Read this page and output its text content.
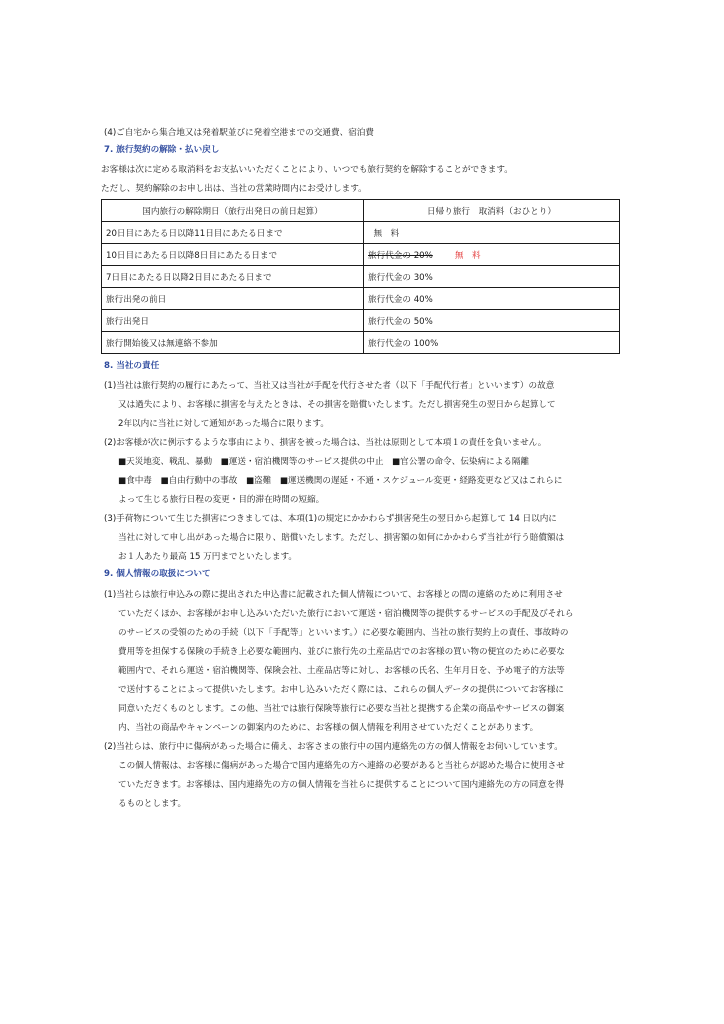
(4)ご自宅から集合地又は発着駅並びに発着空港までの交通費、宿泊費
7. 旅行契約の解除・払い戻し
お客様は次に定める取消料をお支払いいただくことにより、いつでも旅行契約を解除することができます。
ただし、契約解除のお申し出は、当社の営業時間内にお受けします。
国内旅行の解除期日（旅行出発日の前日起算）	日帰り旅行　取消料（おひとり）
20日目にあたる日以降11日目にあたる日まで	無　料
10日目にあたる日以降8日目にあたる日まで	旅行代金の 20% 無　料
7日目にあたる日以降2日目にあたる日まで	旅行代金の 30%
旅行出発の前日	旅行代金の 40%
旅行出発日	旅行代金の 50%
旅行開始後又は無連絡不参加	旅行代金の 100%
8. 当社の責任
(1)当社は旅行契約の履行にあたって、当社又は当社が手配を代行させた者（以下「手配代行者」といいます）の故意
又は過失により、お客様に損害を与えたときは、その損害を賠償いたします。ただし損害発生の翌日から起算して
2年以内に当社に対して通知があった場合に限ります。
(2)お客様が次に例示するような事由により、損害を被った場合は、当社は原則として本項１の責任を負いません。
■天災地変、戦乱、暴動　■運送・宿泊機関等のサービス提供の中止　■官公署の命令、伝染病による隔離
■食中毒　■自由行動中の事故　■盗難　■運送機関の遅延・不通・スケジュール変更・経路変更など又はこれらに
よって生じる旅行日程の変更・目的滞在時間の短縮。
(3)手荷物について生じた損害につきましては、本項(1)の規定にかかわらず損害発生の翌日から起算して 14 日以内に
当社に対して申し出があった場合に限り、賠償いたします。ただし、損害額の如何にかかわらず当社が行う賠償額は
お１人あたり最高 15 万円までといたします。
9. 個人情報の取扱について
(1)当社らは旅行申込みの際に提出された申込書に記載された個人情報について、お客様との間の連絡のために利用させ
ていただくほか、お客様がお申し込みいただいた旅行において運送・宿泊機関等の提供するサービスの手配及びそれら
のサービスの受領のための手続（以下「手配等」といいます。）に必要な範囲内、当社の旅行契約上の責任、事故時の
費用等を担保する保険の手続き上必要な範囲内、並びに旅行先の土産品店でのお客様の買い物の便宜のために必要な
範囲内で、それら運送・宿泊機関等、保険会社、土産品店等に対し、お客様の氏名、生年月日を、予め電子的方法等
で送付することによって提供いたします。お申し込みいただく際には、これらの個人データの提供についてお客様に
同意いただくものとします。この他、当社では旅行保険等旅行に必要な当社と提携する企業の商品やサービスの御案
内、当社の商品やキャンペーンの御案内のために、お客様の個人情報を利用させていただくことがあります。
(2)当社らは、旅行中に傷病があった場合に備え、お客さまの旅行中の国内連絡先の方の個人情報をお伺いしています。
この個人情報は、お客様に傷病があった場合で国内連絡先の方へ連絡の必要があると当社らが認めた場合に使用させ
ていただきます。お客様は、国内連絡先の方の個人情報を当社らに提供することについて国内連絡先の方の同意を得
るものとします。
